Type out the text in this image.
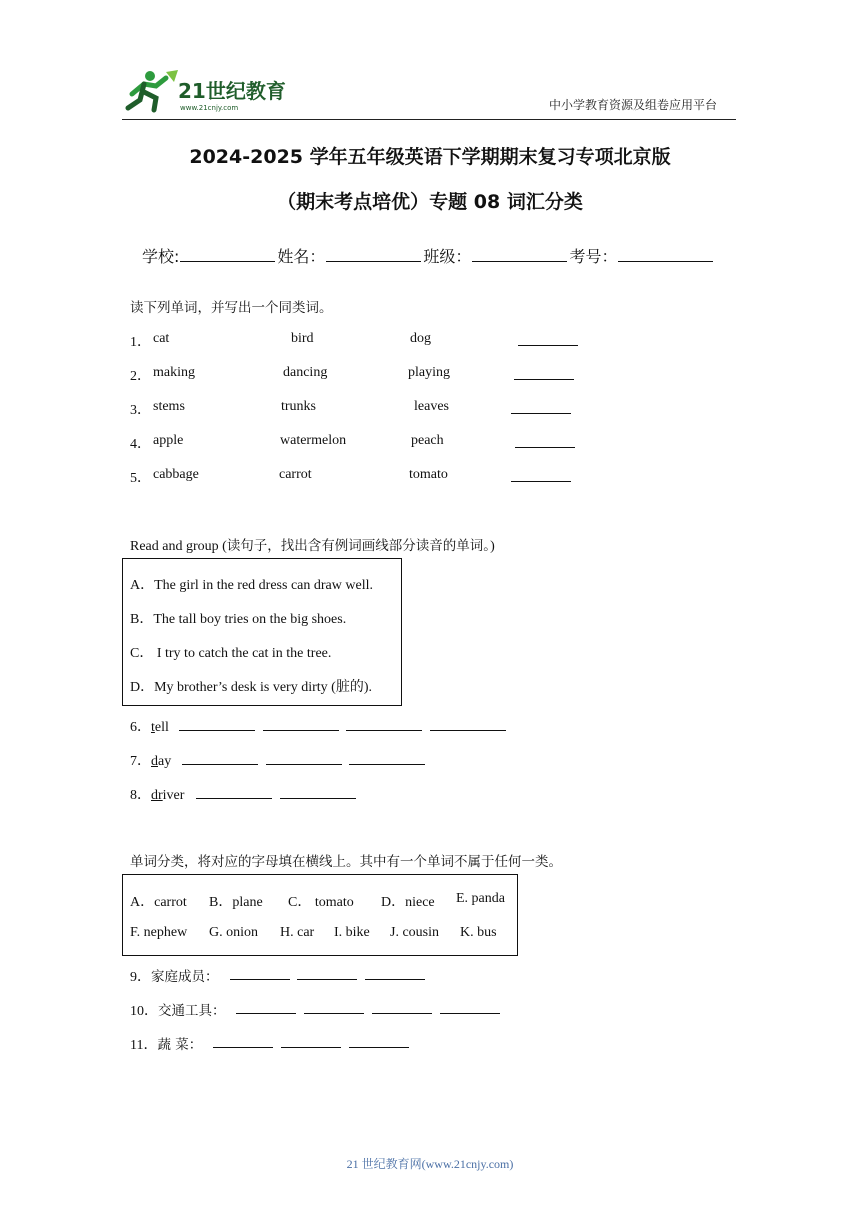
21世纪教育
www.21cnjy.com	中小学教育资源及组卷应用平台
2024-2025 学年五年级英语下学期期末复习专项北京版
（期末考点培优）专题 08 词汇分类
学校:	姓名：	班级：	考号：
读下列单词，并写出一个同类词。
1． cat	bird	dog
2． making	dancing	playing
3． stems	trunks	leaves
4． apple	watermelon	peach
5． cabbage	carrot	tomato
Read and group (读句子，找出含有例词画线部分读音的单词。)
A．The girl in the red dress can draw well.
B．The tall boy tries on the big shoes.
C． I try to catch the cat in the tree.
D．My brother’s desk is very dirty (脏的).
6．tell
7．day
8．driver
单词分类，将对应的字母填在横线上。其中有一个单词不属于任何一类。
A．carrot B．plane C． tomato D．niece E. panda
F. nephew G. onion H. car I. bike J. cousin K. bus
9．家庭成员：
10．交通工具：
11．蔬 菜：
21 世纪教育网(www.21cnjy.com)
